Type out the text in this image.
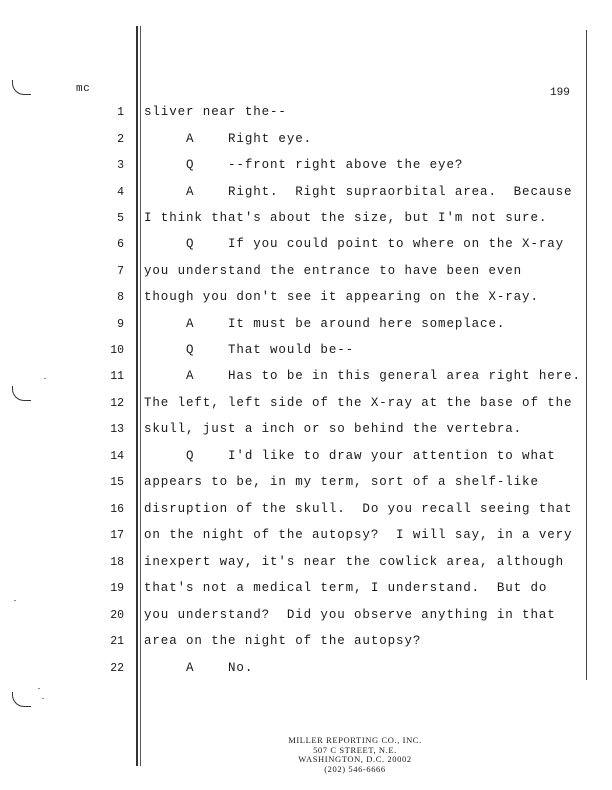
mc	199
1 sliver near the--
2 A    Right eye.
3 Q    --front right above the eye?
4 A    Right.  Right supraorbital area.  Because
5 I think that's about the size, but I'm not sure.
6 Q    If you could point to where on the X-ray
7 you understand the entrance to have been even
8 though you don't see it appearing on the X-ray.
9 A    It must be around here someplace.
10 Q    That would be--
11 A    Has to be in this general area right here.
12 The left, left side of the X-ray at the base of the
13 skull, just a inch or so behind the vertebra.
14 Q    I'd like to draw your attention to what
15 appears to be, in my term, sort of a shelf-like
16 disruption of the skull.  Do you recall seeing that
17 on the night of the autopsy?  I will say, in a very
18 inexpert way, it's near the cowlick area, although
19 that's not a medical term, I understand.  But do
20 you understand?  Did you observe anything in that
21 area on the night of the autopsy?
22 A    No.
MILLER REPORTING CO., INC.
507 C STREET, N.E.
WASHINGTON, D.C. 20002
(202) 546-6666
